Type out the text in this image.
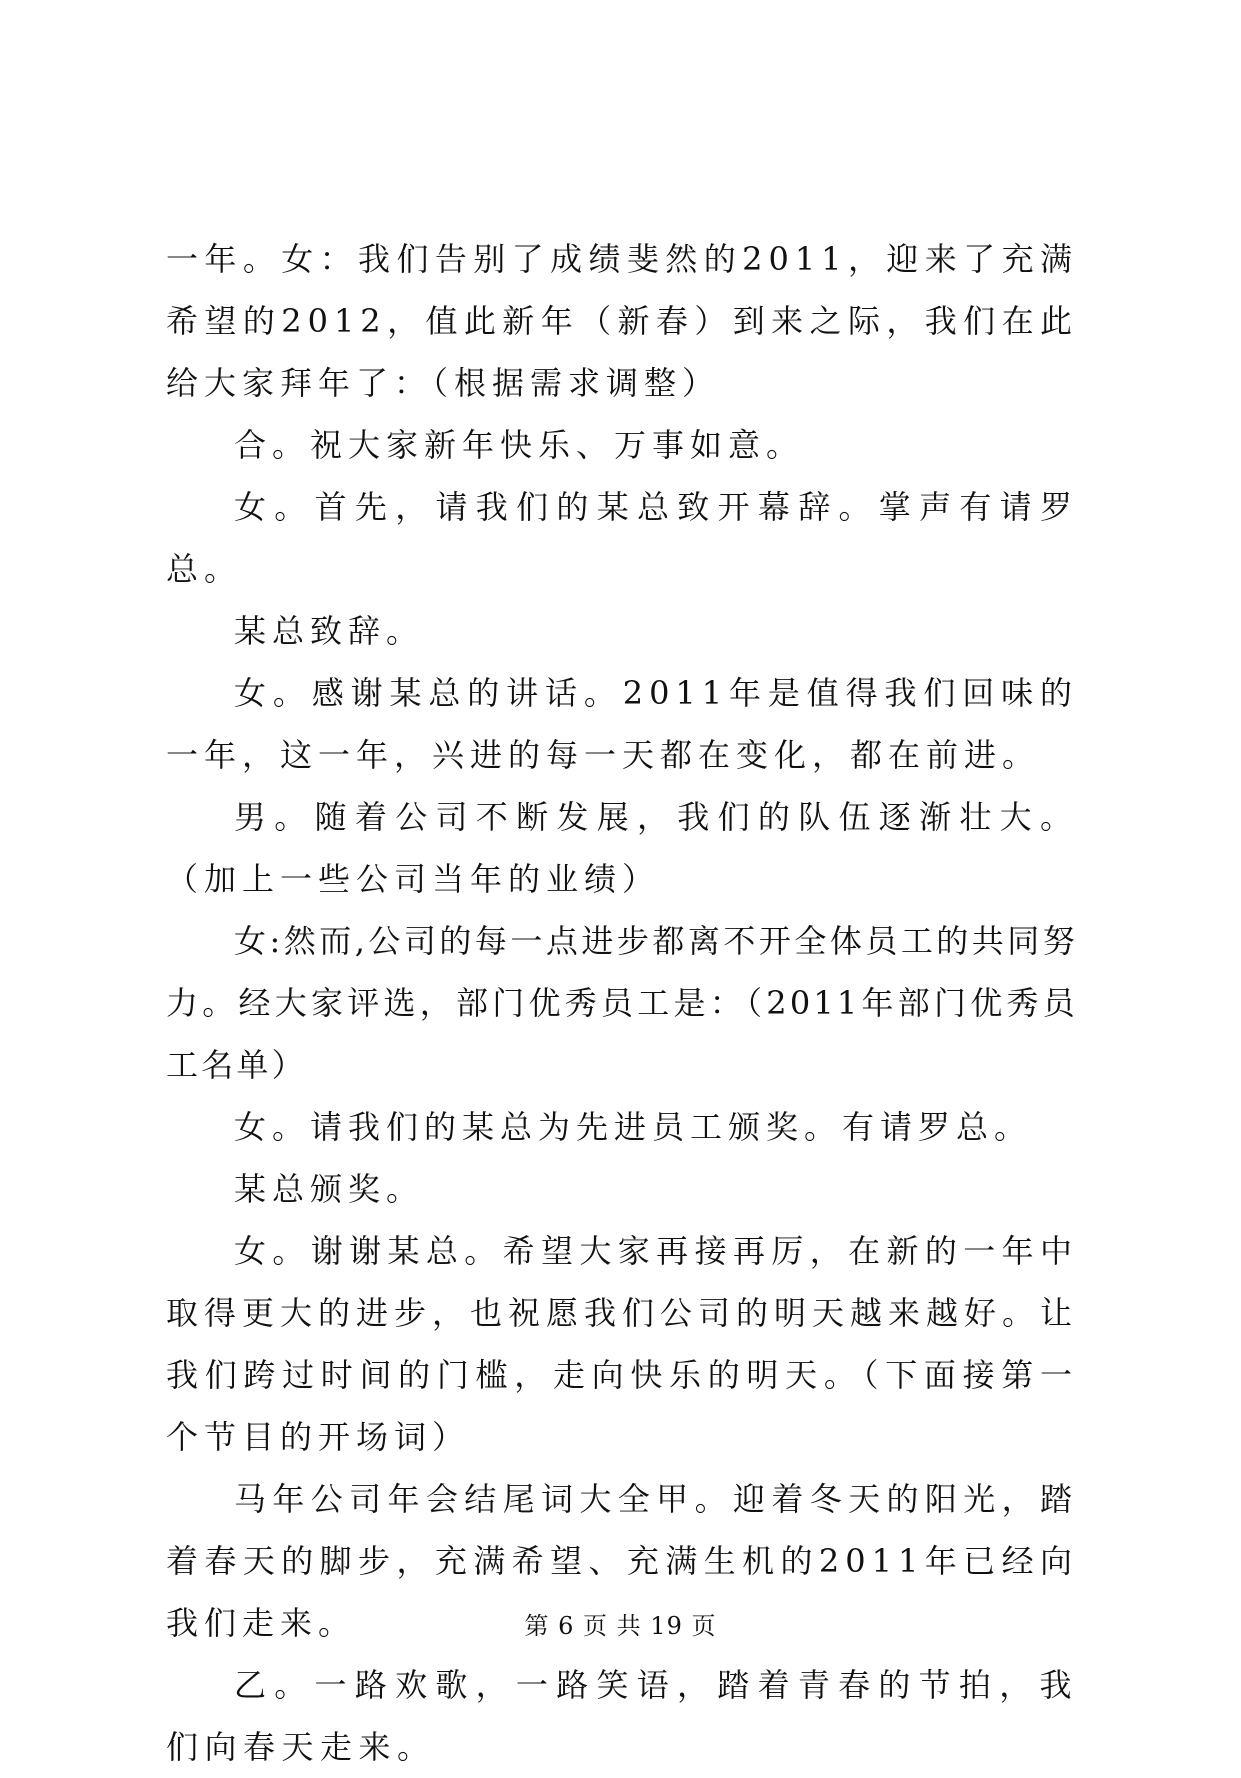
一年。女：我们告别了成绩斐然的2011，迎来了充满希望的2012，值此新年（新春）到来之际，我们在此给大家拜年了：（根据需求调整）

合。祝大家新年快乐、万事如意。

女。首先，请我们的某总致开幕辞。掌声有请罗总。

某总致辞。

女。感谢某总的讲话。2011年是值得我们回味的一年，这一年，兴进的每一天都在变化，都在前进。

男。随着公司不断发展，我们的队伍逐渐壮大。（加上一些公司当年的业绩）

女:然而,公司的每一点进步都离不开全体员工的共同努力。经大家评选，部门优秀员工是：（2011年部门优秀员工名单）

女。请我们的某总为先进员工颁奖。有请罗总。

某总颁奖。

女。谢谢某总。希望大家再接再厉，在新的一年中取得更大的进步，也祝愿我们公司的明天越来越好。让我们跨过时间的门槛，走向快乐的明天。（下面接第一个节目的开场词）

马年公司年会结尾词大全甲。迎着冬天的阳光，踏着春天的脚步，充满希望、充满生机的2011年已经向我们走来。

乙。一路欢歌，一路笑语，踏着青春的节拍，我们向春天走来。

第 6 页 共 19 页
